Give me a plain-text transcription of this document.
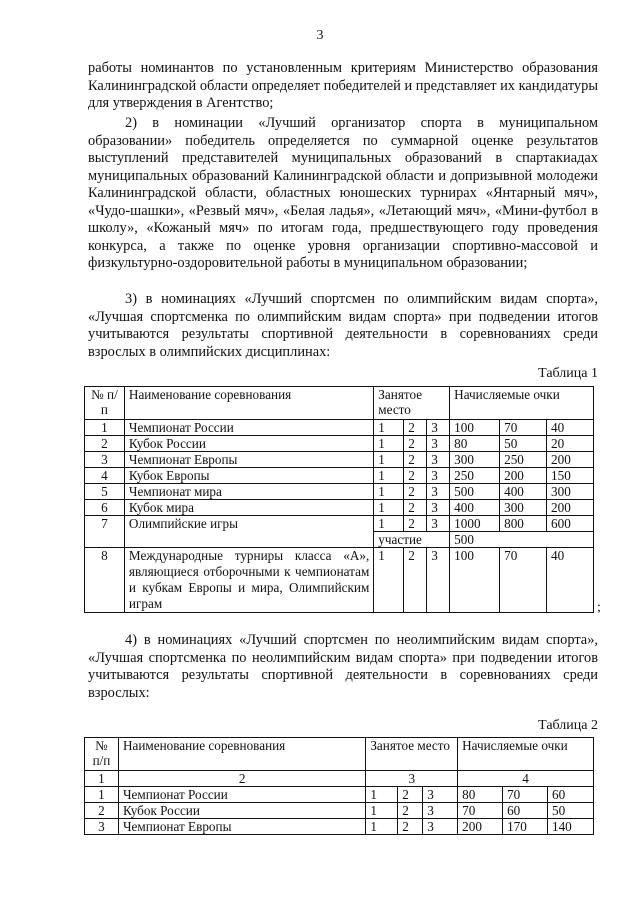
3
работы номинантов по установленным критериям Министерство образования Калининградской области определяет победителей и представляет их кандидатуры для утверждения в Агентство;
2) в номинации «Лучший организатор спорта в муниципальном образовании» победитель определяется по суммарной оценке результатов выступлений представителей муниципальных образований в спартакиадах муниципальных образований Калининградской области и допризывной молодежи Калининградской области, областных юношеских турнирах «Янтарный мяч», «Чудо-шашки», «Резвый мяч», «Белая ладья», «Летающий мяч», «Мини-футбол в школу», «Кожаный мяч» по итогам года, предшествующего году проведения конкурса, а также по оценке уровня организации спортивно-массовой и физкультурно-оздоровительной работы в муниципальном образовании;
3) в номинациях «Лучший спортсмен по олимпийским видам спорта», «Лучшая спортсменка по олимпийским видам спорта» при подведении итогов учитываются результаты спортивной деятельности в соревнованиях среди взрослых в олимпийских дисциплинах:
Таблица 1
№ п/п	Наименование соревнования	Занятое место			Начисляемые очки		
1	Чемпионат России	1	2	3	100	70	40
2	Кубок России	1	2	3	80	50	20
3	Чемпионат Европы	1	2	3	300	250	200
4	Кубок Европы	1	2	3	250	200	150
5	Чемпионат мира	1	2	3	500	400	300
6	Кубок мира	1	2	3	400	300	200
7	Олимпийские игры	1	2	3	1000	800	600
		участие			500		
8	Международные турниры класса «А», являющиеся отборочными к чемпионатам и кубкам Европы и мира, Олимпийским играм	1	2	3	100	70	40
;
4) в номинациях «Лучший спортсмен по неолимпийским видам спорта», «Лучшая спортсменка по неолимпийским видам спорта» при подведении итогов учитываются результаты спортивной деятельности в соревнованиях среди взрослых:
Таблица 2
№ п/п	Наименование соревнования	Занятое место			Начисляемые очки		
1	2	3			4		
1	Чемпионат России	1	2	3	80	70	60
2	Кубок России	1	2	3	70	60	50
3	Чемпионат Европы	1	2	3	200	170	140
